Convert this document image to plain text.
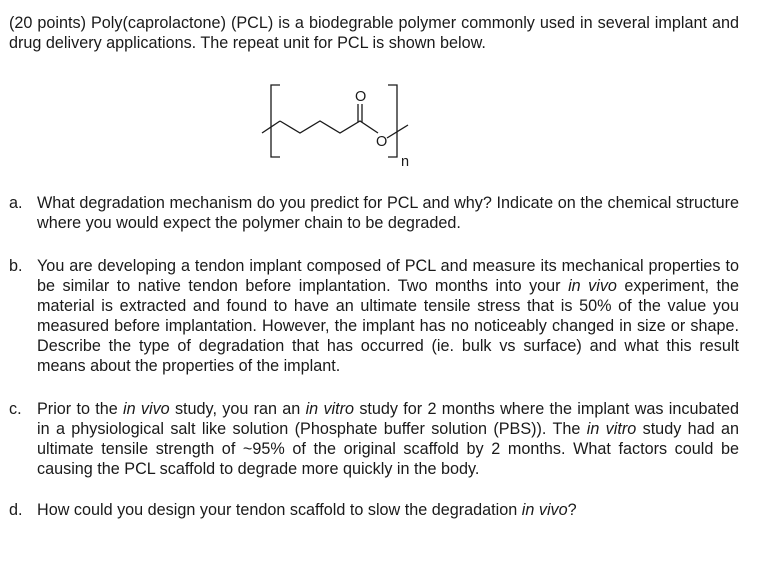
(20 points) Poly(caprolactone) (PCL) is a biodegrable polymer commonly used in several implant and drug delivery applications. The repeat unit for PCL is shown below.
O
O
n
a. What degradation mechanism do you predict for PCL and why? Indicate on the chemical structure where you would expect the polymer chain to be degraded.
b. You are developing a tendon implant composed of PCL and measure its mechanical properties to be similar to native tendon before implantation. Two months into your in vivo experiment, the material is extracted and found to have an ultimate tensile stress that is 50% of the value you measured before implantation. However, the implant has no noticeably changed in size or shape. Describe the type of degradation that has occurred (ie. bulk vs surface) and what this result means about the properties of the implant.
c. Prior to the in vivo study, you ran an in vitro study for 2 months where the implant was incubated in a physiological salt like solution (Phosphate buffer solution (PBS)). The in vitro study had an ultimate tensile strength of ~95% of the original scaffold by 2 months. What factors could be causing the PCL scaffold to degrade more quickly in the body.
d. How could you design your tendon scaffold to slow the degradation in vivo?
